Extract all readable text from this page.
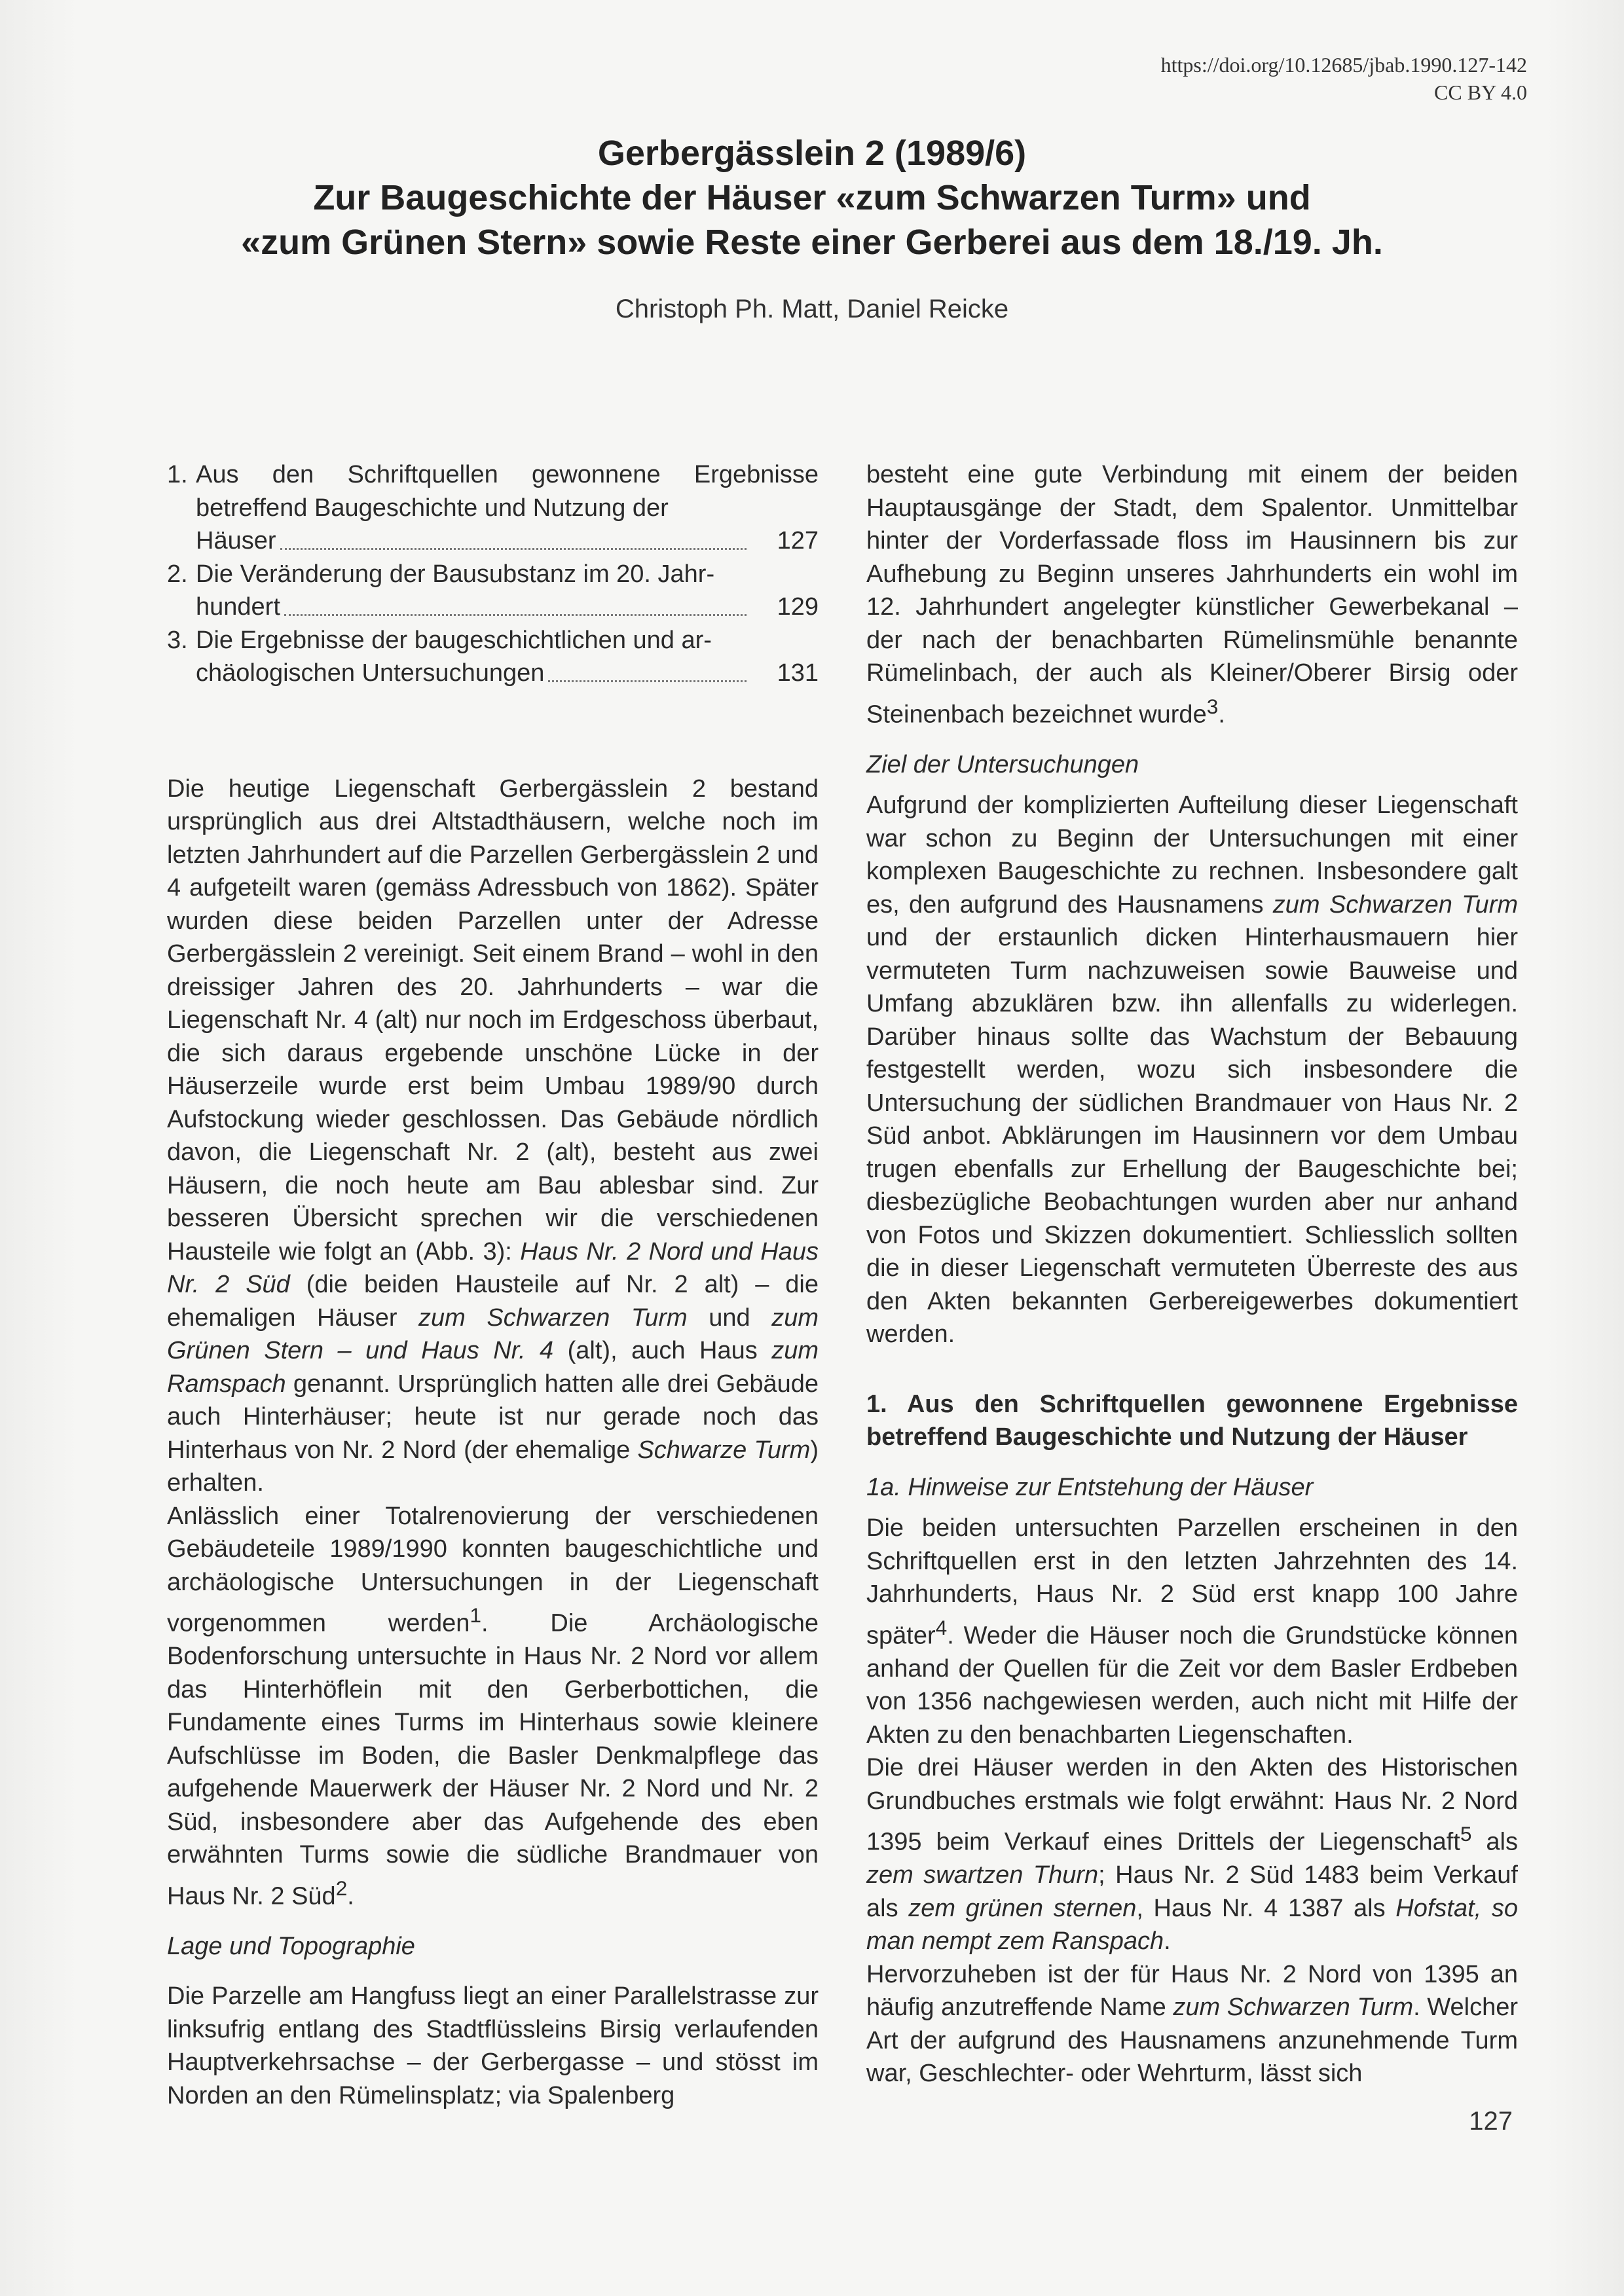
https://doi.org/10.12685/jbab.1990.127-142
CC BY 4.0
Gerbergässlein 2 (1989/6)
Zur Baugeschichte der Häuser «zum Schwarzen Turm» und
«zum Grünen Stern» sowie Reste einer Gerberei aus dem 18./19. Jh.
Christoph Ph. Matt, Daniel Reicke
1. Aus den Schriftquellen gewonnene Ergebnisse betreffend Baugeschichte und Nutzung der
Häuser	127
2. Die Veränderung der Bausubstanz im 20. Jahr-
hundert	129
3. Die Ergebnisse der baugeschichtlichen und ar-
chäologischen Untersuchungen	131

Die heutige Liegenschaft Gerbergässlein 2 bestand ursprünglich aus drei Altstadthäusern, welche noch im letzten Jahrhundert auf die Parzellen Gerbergässlein 2 und 4 aufgeteilt waren (gemäss Adressbuch von 1862). Später wurden diese beiden Parzellen unter der Adresse Gerbergässlein 2 vereinigt. Seit einem Brand – wohl in den dreissiger Jahren des 20. Jahrhunderts – war die Liegenschaft Nr. 4 (alt) nur noch im Erdgeschoss überbaut, die sich daraus ergebende unschöne Lücke in der Häuserzeile wurde erst beim Umbau 1989/90 durch Aufstockung wieder geschlossen. Das Gebäude nördlich davon, die Liegenschaft Nr. 2 (alt), besteht aus zwei Häusern, die noch heute am Bau ablesbar sind. Zur besseren Übersicht sprechen wir die verschiedenen Hausteile wie folgt an (Abb. 3): Haus Nr. 2 Nord und Haus Nr. 2 Süd (die beiden Hausteile auf Nr. 2 alt) – die ehemaligen Häuser zum Schwarzen Turm und zum Grünen Stern – und Haus Nr. 4 (alt), auch Haus zum Ramspach genannt. Ursprünglich hatten alle drei Gebäude auch Hinterhäuser; heute ist nur gerade noch das Hinterhaus von Nr. 2 Nord (der ehemalige Schwarze Turm) erhalten.

Anlässlich einer Totalrenovierung der verschiedenen Gebäudeteile 1989/1990 konnten baugeschichtliche und archäologische Untersuchungen in der Liegenschaft vorgenommen werden$^1$. Die Archäologische Bodenforschung untersuchte in Haus Nr. 2 Nord vor allem das Hinterhöflein mit den Gerberbottichen, die Fundamente eines Turms im Hinterhaus sowie kleinere Aufschlüsse im Boden, die Basler Denkmalpflege das aufgehende Mauerwerk der Häuser Nr. 2 Nord und Nr. 2 Süd, insbesondere aber das Aufgehende des eben erwähnten Turms sowie die südliche Brandmauer von Haus Nr. 2 Süd$^2$.

Lage und Topographie

Die Parzelle am Hangfuss liegt an einer Parallelstrasse zur linksufrig entlang des Stadtflüssleins Birsig verlaufenden Hauptverkehrsachse – der Gerbergasse – und stösst im Norden an den Rümelinsplatz; via Spalenberg

besteht eine gute Verbindung mit einem der beiden Hauptausgänge der Stadt, dem Spalentor. Unmittelbar hinter der Vorderfassade floss im Hausinnern bis zur Aufhebung zu Beginn unseres Jahrhunderts ein wohl im 12. Jahrhundert angelegter künstlicher Gewerbekanal – der nach der benachbarten Rümelinsmühle benannte Rümelinbach, der auch als Kleiner/Oberer Birsig oder Steinenbach bezeichnet wurde$^3$.

Ziel der Untersuchungen

Aufgrund der komplizierten Aufteilung dieser Liegenschaft war schon zu Beginn der Untersuchungen mit einer komplexen Baugeschichte zu rechnen. Insbesondere galt es, den aufgrund des Hausnamens zum Schwarzen Turm und der erstaunlich dicken Hinterhausmauern hier vermuteten Turm nachzuweisen sowie Bauweise und Umfang abzuklären bzw. ihn allenfalls zu widerlegen. Darüber hinaus sollte das Wachstum der Bebauung festgestellt werden, wozu sich insbesondere die Untersuchung der südlichen Brandmauer von Haus Nr. 2 Süd anbot. Abklärungen im Hausinnern vor dem Umbau trugen ebenfalls zur Erhellung der Baugeschichte bei; diesbezügliche Beobachtungen wurden aber nur anhand von Fotos und Skizzen dokumentiert. Schliesslich sollten die in dieser Liegenschaft vermuteten Überreste des aus den Akten bekannten Gerbereigewerbes dokumentiert werden.

1. Aus den Schriftquellen gewonnene Ergebnisse betreffend Baugeschichte und Nutzung der Häuser

1a. Hinweise zur Entstehung der Häuser

Die beiden untersuchten Parzellen erscheinen in den Schriftquellen erst in den letzten Jahrzehnten des 14. Jahrhunderts, Haus Nr. 2 Süd erst knapp 100 Jahre später$^4$. Weder die Häuser noch die Grundstücke können anhand der Quellen für die Zeit vor dem Basler Erdbeben von 1356 nachgewiesen werden, auch nicht mit Hilfe der Akten zu den benachbarten Liegenschaften.

Die drei Häuser werden in den Akten des Historischen Grundbuches erstmals wie folgt erwähnt: Haus Nr. 2 Nord 1395 beim Verkauf eines Drittels der Liegenschaft$^5$ als zem swartzen Thurn; Haus Nr. 2 Süd 1483 beim Verkauf als zem grünen sternen, Haus Nr. 4 1387 als Hofstat, so man nempt zem Ranspach.

Hervorzuheben ist der für Haus Nr. 2 Nord von 1395 an häufig anzutreffende Name zum Schwarzen Turm. Welcher Art der aufgrund des Hausnamens anzunehmende Turm war, Geschlechter- oder Wehrturm, lässt sich

127
